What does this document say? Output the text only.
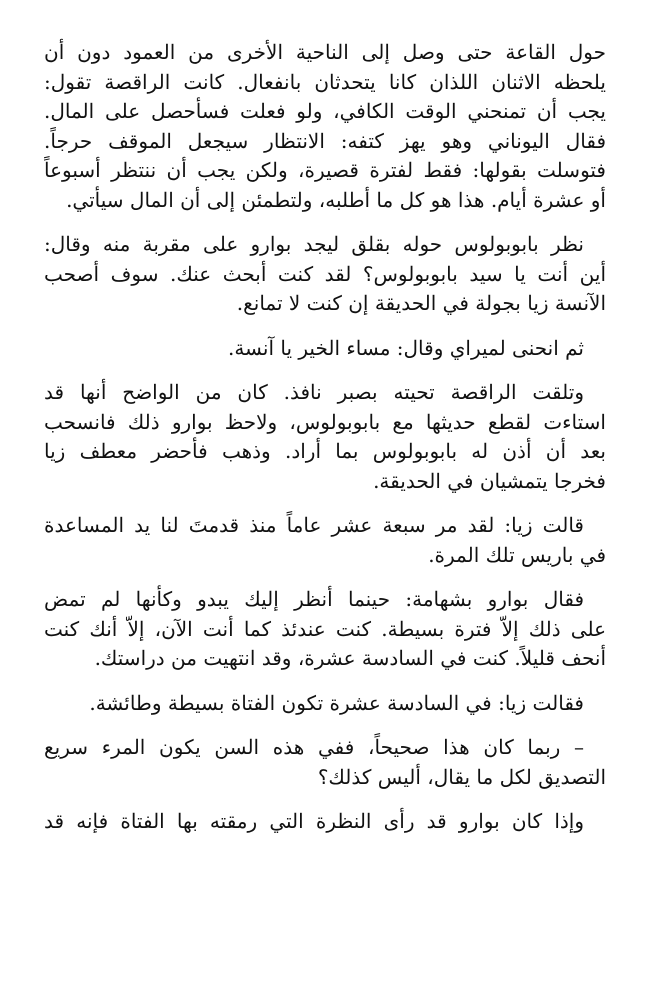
حول القاعة حتى وصل إلى الناحية الأخرى من العمود دون أن
يلحظه الاثنان اللذان كانا يتحدثان بانفعال. كانت الراقصة تقول:
يجب أن تمنحني الوقت الكافي، ولو فعلت فسأحصل على المال.
فقال اليوناني وهو يهز كتفه: الانتظار سيجعل الموقف حرجاً.
فتوسلت بقولها: فقط لفترة قصيرة، ولكن يجب أن ننتظر أسبوعاً
أو عشرة أيام. هذا هو كل ما أطلبه، ولتطمئن إلى أن المال سيأتي.
نظر بابوبولوس حوله بقلق ليجد بوارو على مقربة منه وقال:
أين أنت يا سيد بابوبولوس؟ لقد كنت أبحث عنك. سوف أصحب
الآنسة زيا بجولة في الحديقة إن كنت لا تمانع.
ثم انحنى لميراي وقال: مساء الخير يا آنسة.
وتلقت الراقصة تحيته بصبر نافذ. كان من الواضح أنها قد
استاءت لقطع حديثها مع بابوبولوس، ولاحظ بوارو ذلك فانسحب
بعد أن أذن له بابوبولوس بما أراد. وذهب فأحضر معطف زيا
فخرجا يتمشيان في الحديقة.
قالت زيا: لقد مر سبعة عشر عاماً منذ قدمتَ لنا يد المساعدة
في باريس تلك المرة.
فقال بوارو بشهامة: حينما أنظر إليك يبدو وكأنها لم تمض
على ذلك إلاّ فترة بسيطة. كنت عندئذ كما أنت الآن، إلاّ أنك كنت
أنحف قليلاً. كنت في السادسة عشرة، وقد انتهيت من دراستك.
فقالت زيا: في السادسة عشرة تكون الفتاة بسيطة وطائشة.
– ربما كان هذا صحيحاً، ففي هذه السن يكون المرء سريع
التصديق لكل ما يقال، أليس كذلك؟
وإذا كان بوارو قد رأى النظرة التي رمقته بها الفتاة فإنه قد
